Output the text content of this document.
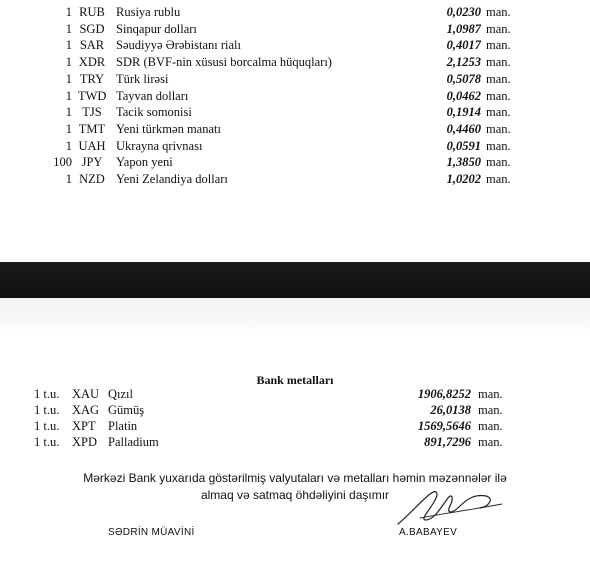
1 RUB Rusiya rublu	0,0230 man.
1 SGD Sinqapur dolları	1,0987 man.
1 SAR Səudiyyə Ərəbistanı rialı	0,4017 man.
1 XDR SDR (BVF-nin xüsusi borcalma hüquqları)	2,1253 man.
1 TRY Türk lirəsi	0,5078 man.
1 TWD Tayvan dolları	0,0462 man.
1 TJS	Tacik somonisi	0,1914 man.
1 TMT Yeni türkmən manatı	0,4460 man.
1 UAH Ukrayna qrivnası	0,0591 man.
100 JPY Yapon yeni	1,3850 man.
1 NZD Yeni Zelandiya dolları	1,0202 man.
Bank metalları
1 t.u. XAU Qızıl	1906,8252 man.
1 t.u. XAG Gümüş	26,0138 man.
1 t.u. XPT Platin	1569,5646 man.
1 t.u. XPD Palladium	891,7296 man.
Mərkəzi Bank yuxarıda göstərilmiş valyutaları və metalları həmin məzənnələr ilə
almaq və satmaq öhdəliyini daşımır
SƏDRİN MÜAVİNİ	A.BABAYEV
